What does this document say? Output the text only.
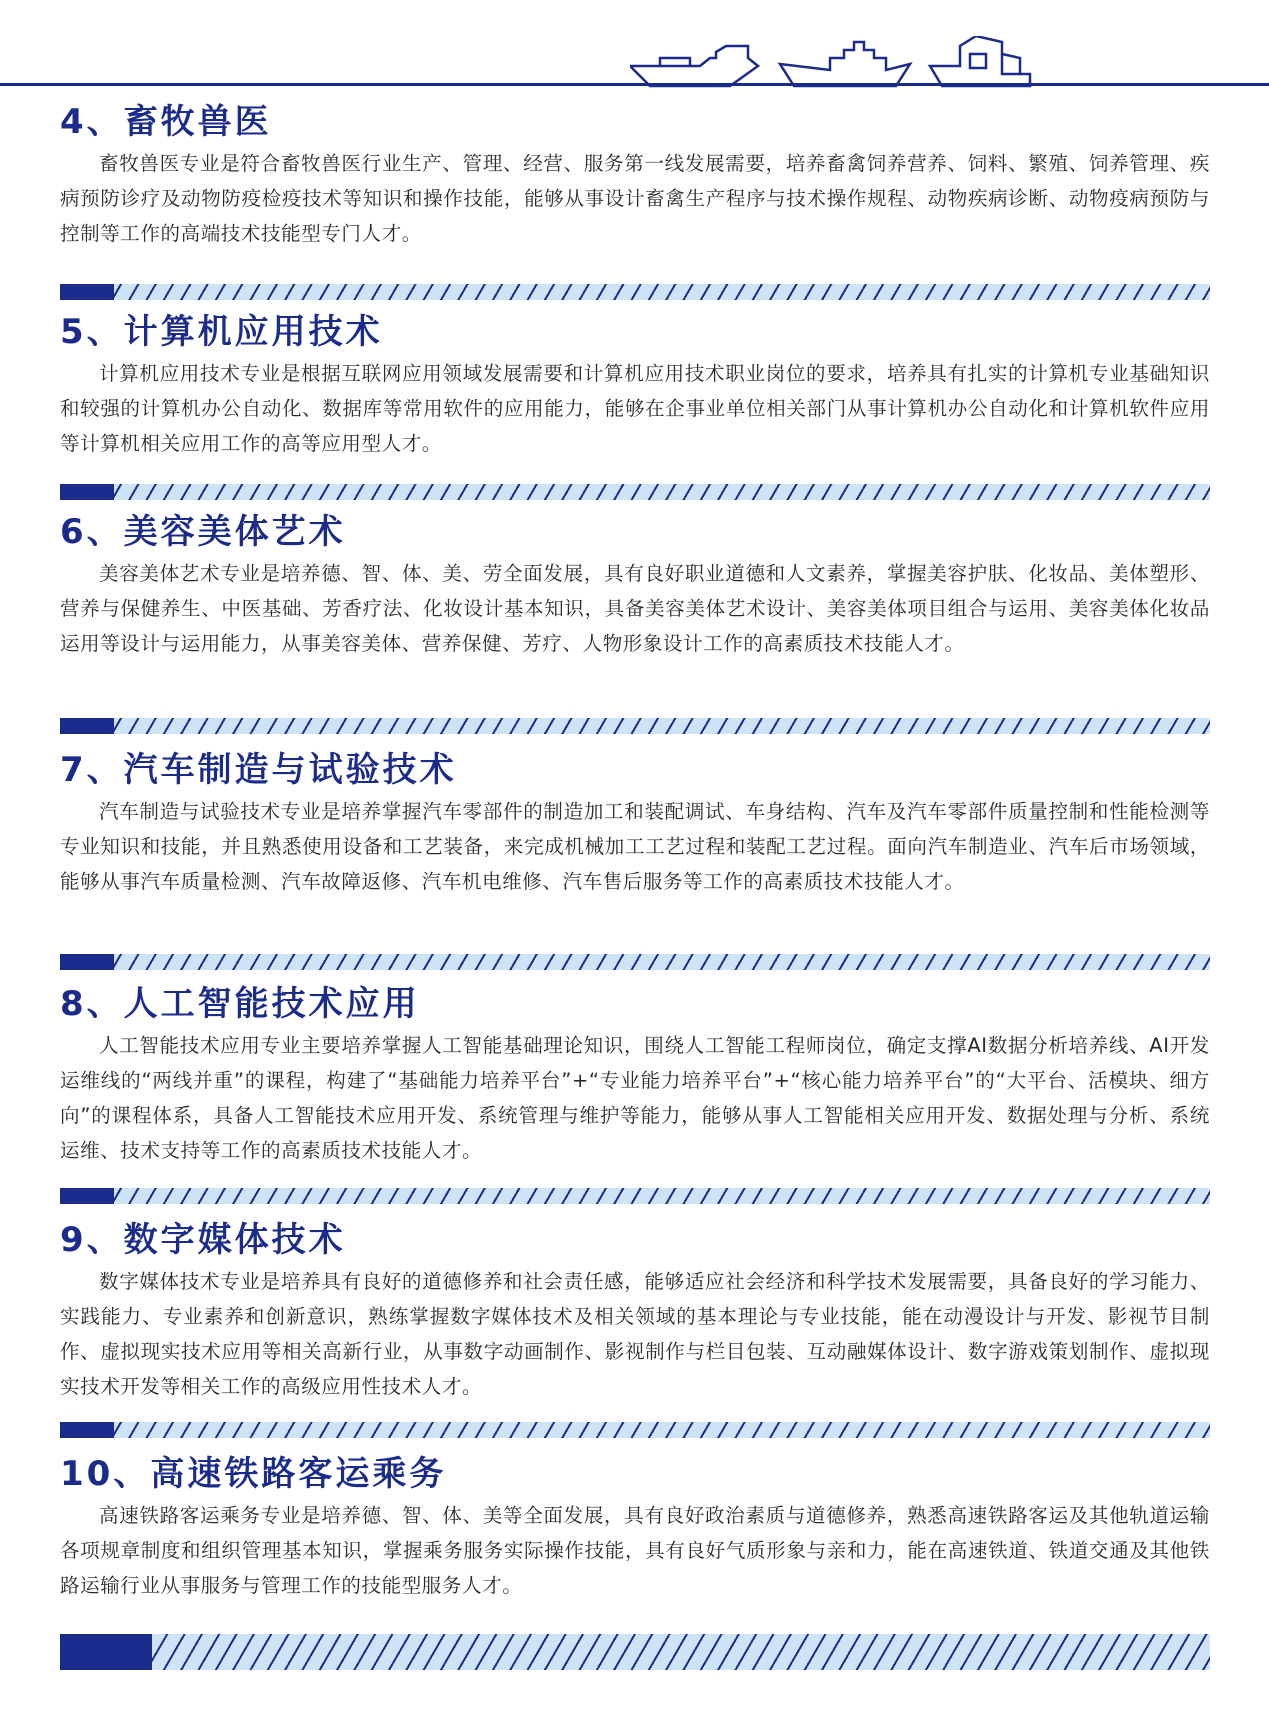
4、畜牧兽医

畜牧兽医专业是符合畜牧兽医行业生产、管理、经营、服务第一线发展需要，培养畜禽饲养营养、饲料、繁殖、饲养管理、疾病预防诊疗及动物防疫检疫技术等知识和操作技能，能够从事设计畜禽生产程序与技术操作规程、动物疾病诊断、动物疫病预防与控制等工作的高端技术技能型专门人才。

5、计算机应用技术

计算机应用技术专业是根据互联网应用领域发展需要和计算机应用技术职业岗位的要求，培养具有扎实的计算机专业基础知识和较强的计算机办公自动化、数据库等常用软件的应用能力，能够在企事业单位相关部门从事计算机办公自动化和计算机软件应用等计算机相关应用工作的高等应用型人才。

6、美容美体艺术

美容美体艺术专业是培养德、智、体、美、劳全面发展，具有良好职业道德和人文素养，掌握美容护肤、化妆品、美体塑形、营养与保健养生、中医基础、芳香疗法、化妆设计基本知识，具备美容美体艺术设计、美容美体项目组合与运用、美容美体化妆品运用等设计与运用能力，从事美容美体、营养保健、芳疗、人物形象设计工作的高素质技术技能人才。

7、汽车制造与试验技术

汽车制造与试验技术专业是培养掌握汽车零部件的制造加工和装配调试、车身结构、汽车及汽车零部件质量控制和性能检测等专业知识和技能，并且熟悉使用设备和工艺装备，来完成机械加工工艺过程和装配工艺过程。面向汽车制造业、汽车后市场领域，能够从事汽车质量检测、汽车故障返修、汽车机电维修、汽车售后服务等工作的高素质技术技能人才。

8、人工智能技术应用

人工智能技术应用专业主要培养掌握人工智能基础理论知识，围绕人工智能工程师岗位，确定支撑AI数据分析培养线、AI开发运维线的“两线并重”的课程，构建了“基础能力培养平台”+“专业能力培养平台”+“核心能力培养平台”的“大平台、活模块、细方向”的课程体系，具备人工智能技术应用开发、系统管理与维护等能力，能够从事人工智能相关应用开发、数据处理与分析、系统运维、技术支持等工作的高素质技术技能人才。

9、数字媒体技术

数字媒体技术专业是培养具有良好的道德修养和社会责任感，能够适应社会经济和科学技术发展需要，具备良好的学习能力、实践能力、专业素养和创新意识，熟练掌握数字媒体技术及相关领域的基本理论与专业技能，能在动漫设计与开发、影视节目制作、虚拟现实技术应用等相关高新行业，从事数字动画制作、影视制作与栏目包装、互动融媒体设计、数字游戏策划制作、虚拟现实技术开发等相关工作的高级应用性技术人才。

10、高速铁路客运乘务

高速铁路客运乘务专业是培养德、智、体、美等全面发展，具有良好政治素质与道德修养，熟悉高速铁路客运及其他轨道运输各项规章制度和组织管理基本知识，掌握乘务服务实际操作技能，具有良好气质形象与亲和力，能在高速铁道、铁道交通及其他铁路运输行业从事服务与管理工作的技能型服务人才。
